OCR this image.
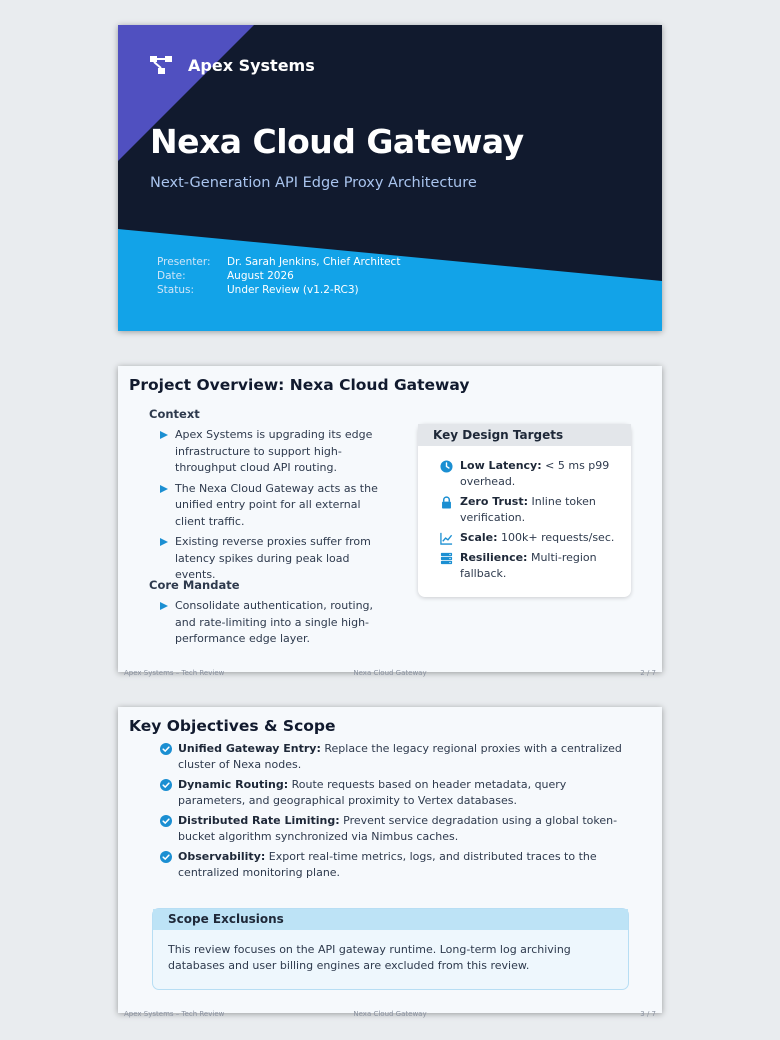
Apex Systems
Nexa Cloud Gateway
Next-Generation API Edge Proxy Architecture
Presenter:	Dr. Sarah Jenkins, Chief Architect
Date:	August 2026
Status:	Under Review (v1.2-RC3)
Project Overview: Nexa Cloud Gateway
Context
Apex Systems is upgrading its edge infrastructure to support high-throughput cloud API routing.
The Nexa Cloud Gateway acts as the unified entry point for all external client traffic.
Existing reverse proxies suffer from latency spikes during peak load events.
Core Mandate
Consolidate authentication, routing, and rate-limiting into a single high-performance edge layer.
Key Design Targets
Low Latency: < 5 ms p99 overhead.
Zero Trust: Inline token verification.
Scale: 100k+ requests/sec.
Resilience: Multi-region fallback.
Apex Systems – Tech Review	Nexa Cloud Gateway	2 / 7
Key Objectives & Scope
Unified Gateway Entry: Replace the legacy regional proxies with a centralized cluster of Nexa nodes.
Dynamic Routing: Route requests based on header metadata, query parameters, and geographical proximity to Vertex databases.
Distributed Rate Limiting: Prevent service degradation using a global token-bucket algorithm synchronized via Nimbus caches.
Observability: Export real-time metrics, logs, and distributed traces to the centralized monitoring plane.
Scope Exclusions
This review focuses on the API gateway runtime. Long-term log archiving databases and user billing engines are excluded from this review.
Apex Systems – Tech Review	Nexa Cloud Gateway	3 / 7
